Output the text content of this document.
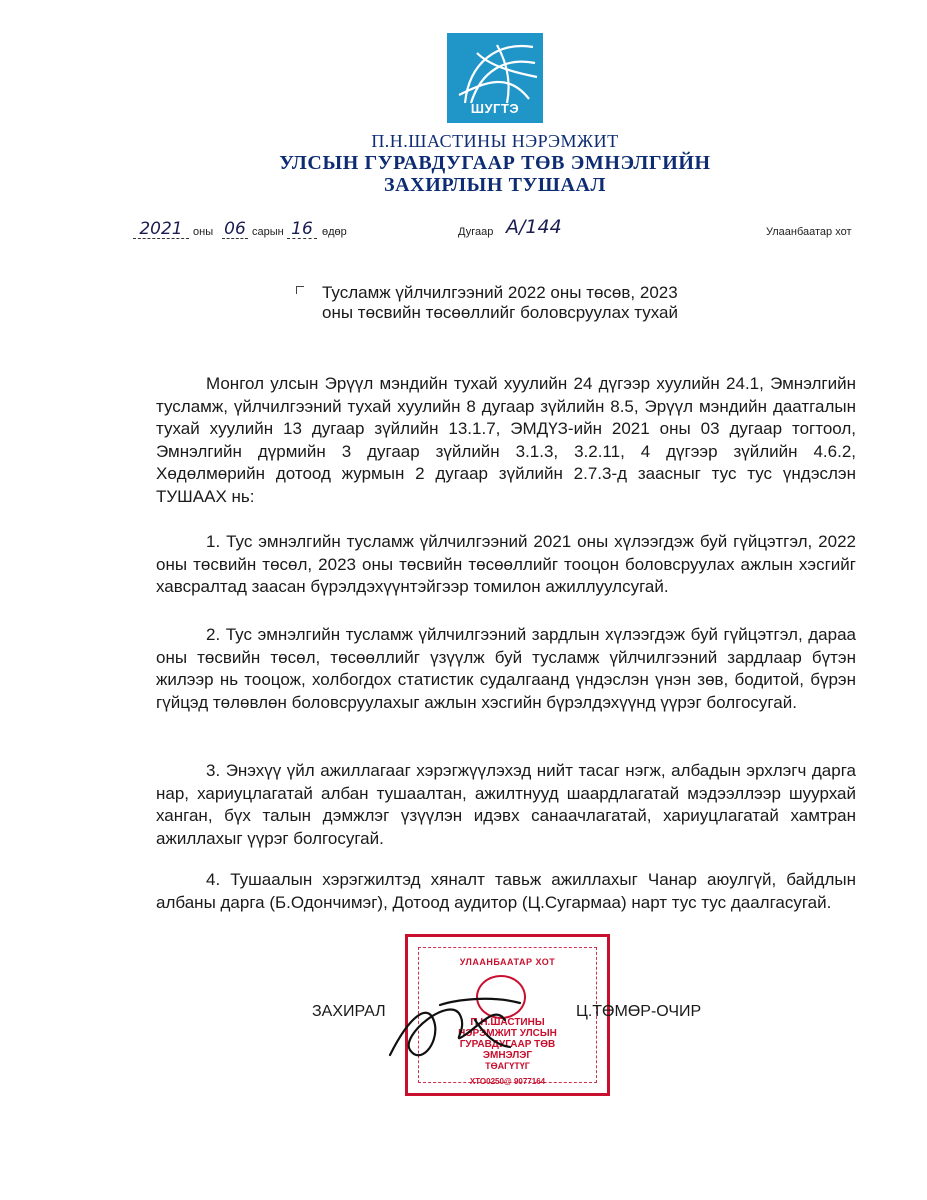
ШУГТЭ
П.Н.ШАСТИНЫ НЭРЭМЖИТ
УЛСЫН ГУРАВДУГААР ТӨВ ЭМНЭЛГИЙН
ЗАХИРЛЫН ТУШААЛ
2021 оны 06 сарын 16 өдөр	Дугаар А/144	Улаанбаатар хот
Тусламж үйлчилгээний 2022 оны төсөв, 2023
оны төсвийн төсөөллийг боловсруулах тухай

Монгол улсын Эрүүл мэндийн тухай хуулийн 24 дүгээр хуулийн 24.1, Эмнэлгийн тусламж, үйлчилгээний тухай хуулийн 8 дугаар зүйлийн 8.5, Эрүүл мэндийн даатгалын тухай хуулийн 13 дугаар зүйлийн 13.1.7, ЭМДҮЗ-ийн 2021 оны 03 дугаар тогтоол, Эмнэлгийн дүрмийн 3 дугаар зүйлийн 3.1.3, 3.2.11, 4 дүгээр зүйлийн 4.6.2, Хөдөлмөрийн дотоод журмын 2 дугаар зүйлийн 2.7.3-д заасныг тус тус үндэслэн ТУШААХ нь:

1. Тус эмнэлгийн тусламж үйлчилгээний 2021 оны хүлээгдэж буй гүйцэтгэл, 2022 оны төсвийн төсөл, 2023 оны төсвийн төсөөллийг тооцон боловсруулах ажлын хэсгийг хавсралтад заасан бүрэлдэхүүнтэйгээр томилон ажиллуулсугай.

2. Тус эмнэлгийн тусламж үйлчилгээний зардлын хүлээгдэж буй гүйцэтгэл, дараа оны төсвийн төсөл, төсөөллийг үзүүлж буй тусламж үйлчилгээний зардлаар бүтэн жилээр нь тооцож, холбогдох статистик судалгаанд үндэслэн үнэн зөв, бодитой, бүрэн гүйцэд төлөвлөн боловсруулахыг ажлын хэсгийн бүрэлдэхүүнд үүрэг болгосугай.

3. Энэхүү үйл ажиллагааг хэрэгжүүлэхэд нийт тасаг нэгж, албадын эрхлэгч дарга нар, хариуцлагатай албан тушаалтан, ажилтнууд шаардлагатай мэдээллээр шуурхай ханган, бүх талын дэмжлэг үзүүлэн идэвх санаачлагатай, хариуцлагатай хамтран ажиллахыг үүрэг болгосугай.

4. Тушаалын хэрэгжилтэд хяналт тавьж ажиллахыг Чанар аюулгүй, байдлын албаны дарга (Б.Одончимэг), Дотоод аудитор (Ц.Сугармаа) нарт тус тус даалгасугай.

УЛААНБААТАР ХОТ
П.Н.ШАСТИНЫ
НЭРЭМЖИТ УЛСЫН
ГУРАВДУГААР ТӨВ
ЭМНЭЛЭГ
ТӨАГҮТҮГ
ХТО0250@ 9077164
ЗАХИРАЛ	Ц.ТӨМӨР-ОЧИР
